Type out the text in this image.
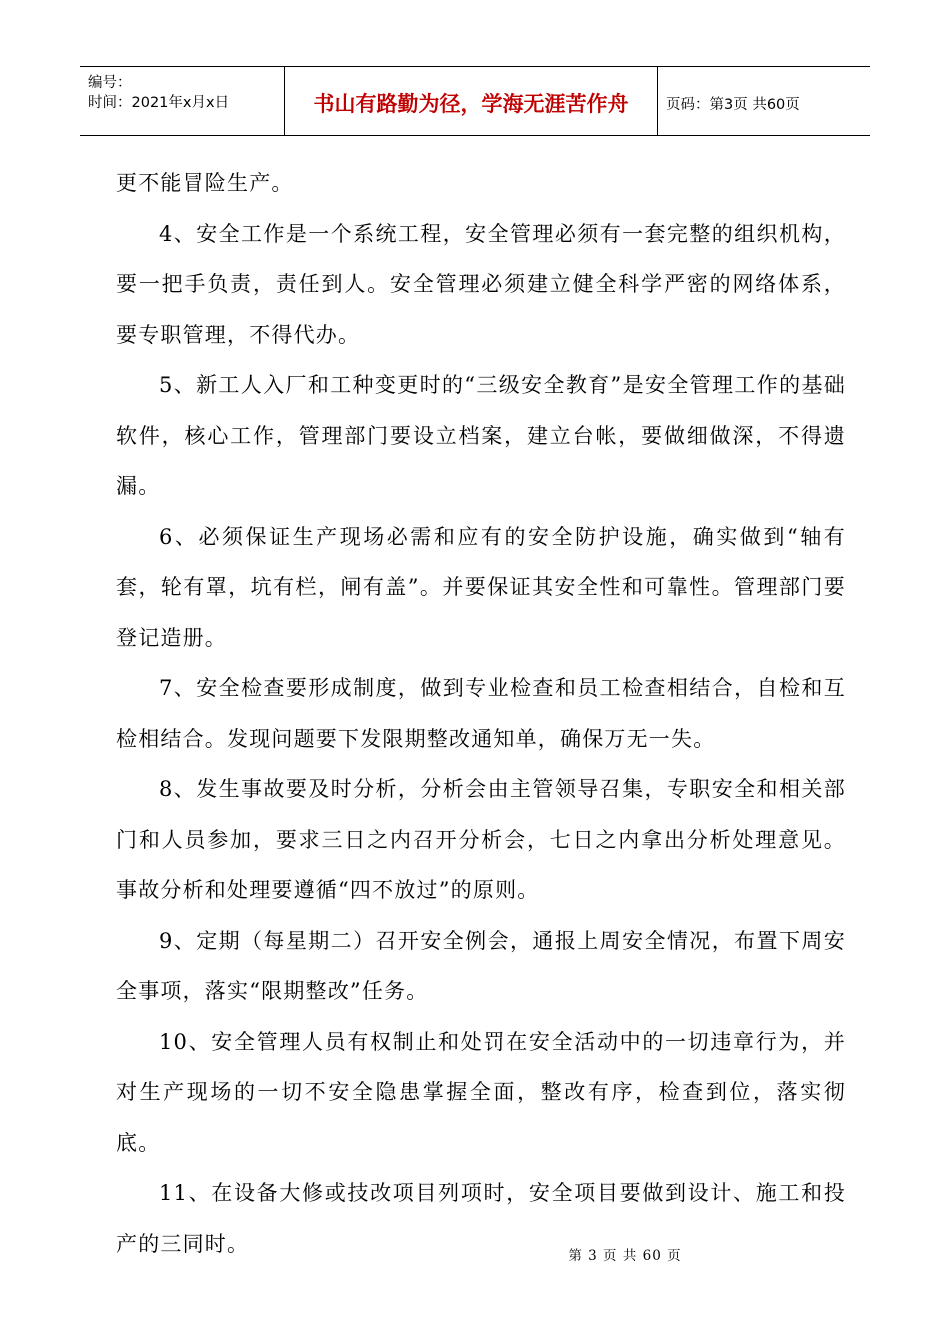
编号：
时间：2021年x月x日	书山有路勤为径，学海无涯苦作舟	页码：第3页 共60页

更不能冒险生产。

4、安全工作是一个系统工程，安全管理必须有一套完整的组织机构，要一把手负责，责任到人。安全管理必须建立健全科学严密的网络体系，要专职管理，不得代办。

5、新工人入厂和工种变更时的“三级安全教育”是安全管理工作的基础软件，核心工作，管理部门要设立档案，建立台帐，要做细做深，不得遗漏。

6、必须保证生产现场必需和应有的安全防护设施，确实做到“轴有套，轮有罩，坑有栏，闸有盖”。并要保证其安全性和可靠性。管理部门要登记造册。

7、安全检查要形成制度，做到专业检查和员工检查相结合，自检和互检相结合。发现问题要下发限期整改通知单，确保万无一失。

8、发生事故要及时分析，分析会由主管领导召集，专职安全和相关部门和人员参加，要求三日之内召开分析会，七日之内拿出分析处理意见。事故分析和处理要遵循“四不放过”的原则。

9、定期（每星期二）召开安全例会，通报上周安全情况，布置下周安全事项，落实“限期整改”任务。

10、安全管理人员有权制止和处罚在安全活动中的一切违章行为，并对生产现场的一切不安全隐患掌握全面，整改有序，检查到位，落实彻底。

11、在设备大修或技改项目列项时，安全项目要做到设计、施工和投产的三同时。

第 3 页 共 60 页
